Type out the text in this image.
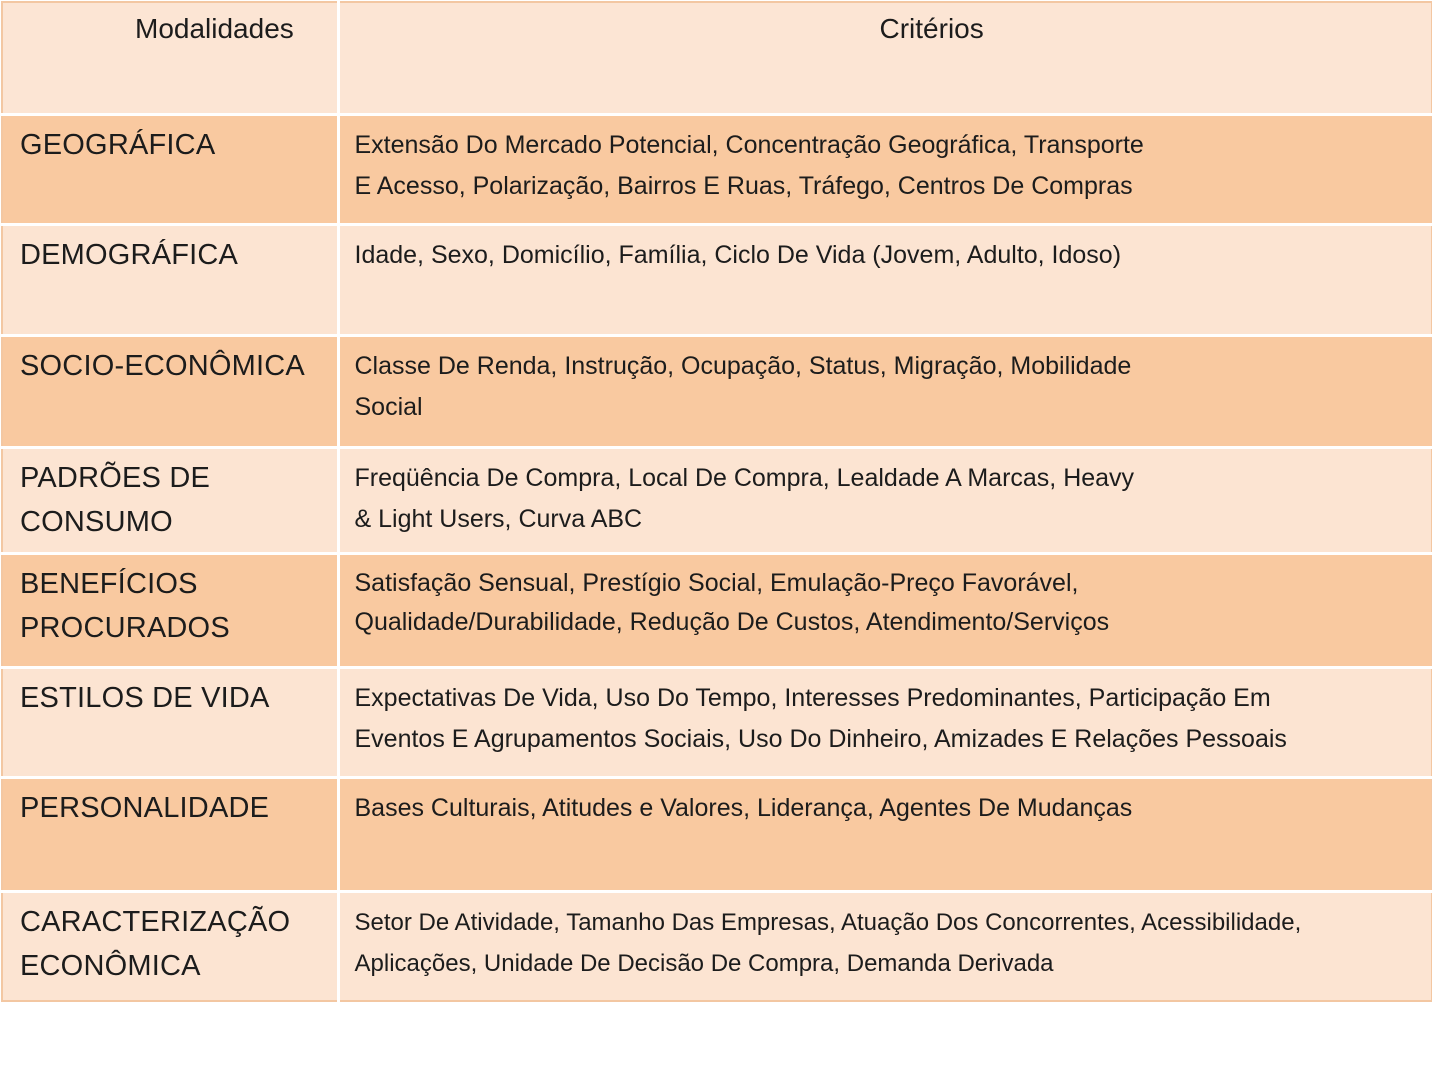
Modalidades	Critérios

GEOGRÁFICA	Extensão Do Mercado Potencial, Concentração Geográfica, Transporte
E Acesso, Polarização, Bairros E Ruas, Tráfego, Centros De Compras

DEMOGRÁFICA	Idade, Sexo, Domicílio, Família, Ciclo De Vida (Jovem, Adulto, Idoso)

SOCIO-ECONÔMICA	Classe De Renda, Instrução, Ocupação, Status, Migração, Mobilidade
Social

PADRÕES DE
CONSUMO	Freqüência De Compra, Local De Compra, Lealdade A Marcas, Heavy
& Light Users, Curva ABC

BENEFÍCIOS
PROCURADOS	Satisfação Sensual, Prestígio Social, Emulação-Preço Favorável,
Qualidade/Durabilidade, Redução De Custos, Atendimento/Serviços

ESTILOS DE VIDA	Expectativas De Vida, Uso Do Tempo, Interesses Predominantes, Participação Em
Eventos E Agrupamentos Sociais, Uso Do Dinheiro, Amizades E Relações Pessoais

PERSONALIDADE	Bases Culturais, Atitudes e Valores, Liderança, Agentes De Mudanças

CARACTERIZAÇÃO
ECONÔMICA	Setor De Atividade, Tamanho Das Empresas, Atuação Dos Concorrentes, Acessibilidade,
Aplicações, Unidade De Decisão De Compra, Demanda Derivada
